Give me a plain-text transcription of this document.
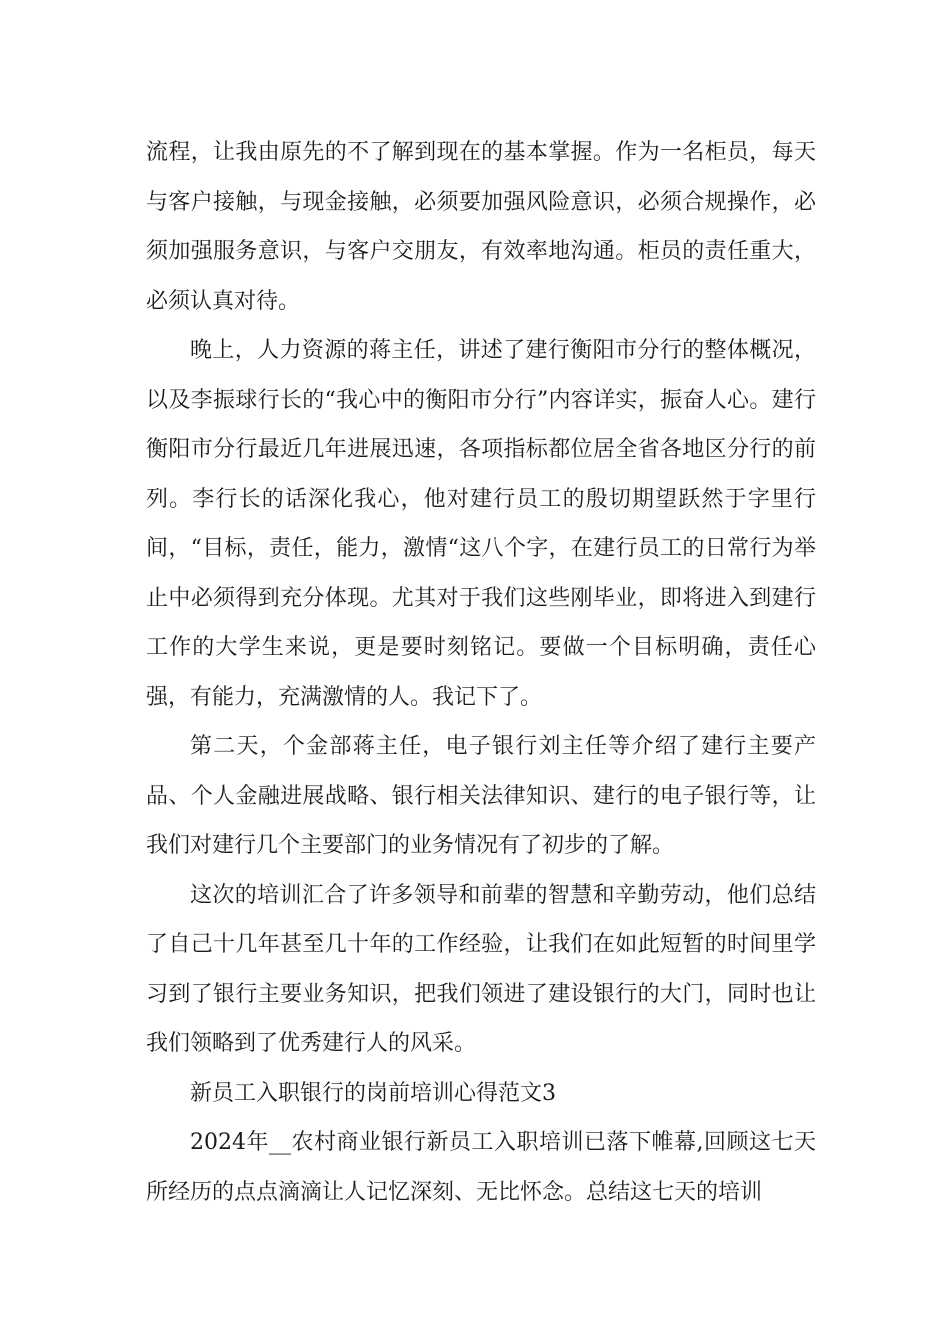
流程，让我由原先的不了解到现在的基本掌握。作为一名柜员，每天与客户接触，与现金接触，必须要加强风险意识，必须合规操作，必须加强服务意识，与客户交朋友，有效率地沟通。柜员的责任重大，必须认真对待。

晚上，人力资源的蒋主任，讲述了建行衡阳市分行的整体概况，以及李振球行长的“我心中的衡阳市分行”内容详实，振奋人心。建行衡阳市分行最近几年进展迅速，各项指标都位居全省各地区分行的前列。李行长的话深化我心，他对建行员工的殷切期望跃然于字里行间，“目标，责任，能力，激情“这八个字，在建行员工的日常行为举止中必须得到充分体现。尤其对于我们这些刚毕业，即将进入到建行工作的大学生来说，更是要时刻铭记。要做一个目标明确，责任心强，有能力，充满激情的人。我记下了。

第二天，个金部蒋主任，电子银行刘主任等介绍了建行主要产品、个人金融进展战略、银行相关法律知识、建行的电子银行等，让我们对建行几个主要部门的业务情况有了初步的了解。

这次的培训汇合了许多领导和前辈的智慧和辛勤劳动，他们总结了自己十几年甚至几十年的工作经验，让我们在如此短暂的时间里学习到了银行主要业务知识，把我们领进了建设银行的大门，同时也让我们领略到了优秀建行人的风采。

新员工入职银行的岗前培训心得范文3

2024年__农村商业银行新员工入职培训已落下帷幕,回顾这七天所经历的点点滴滴让人记忆深刻、无比怀念。总结这七天的培训
